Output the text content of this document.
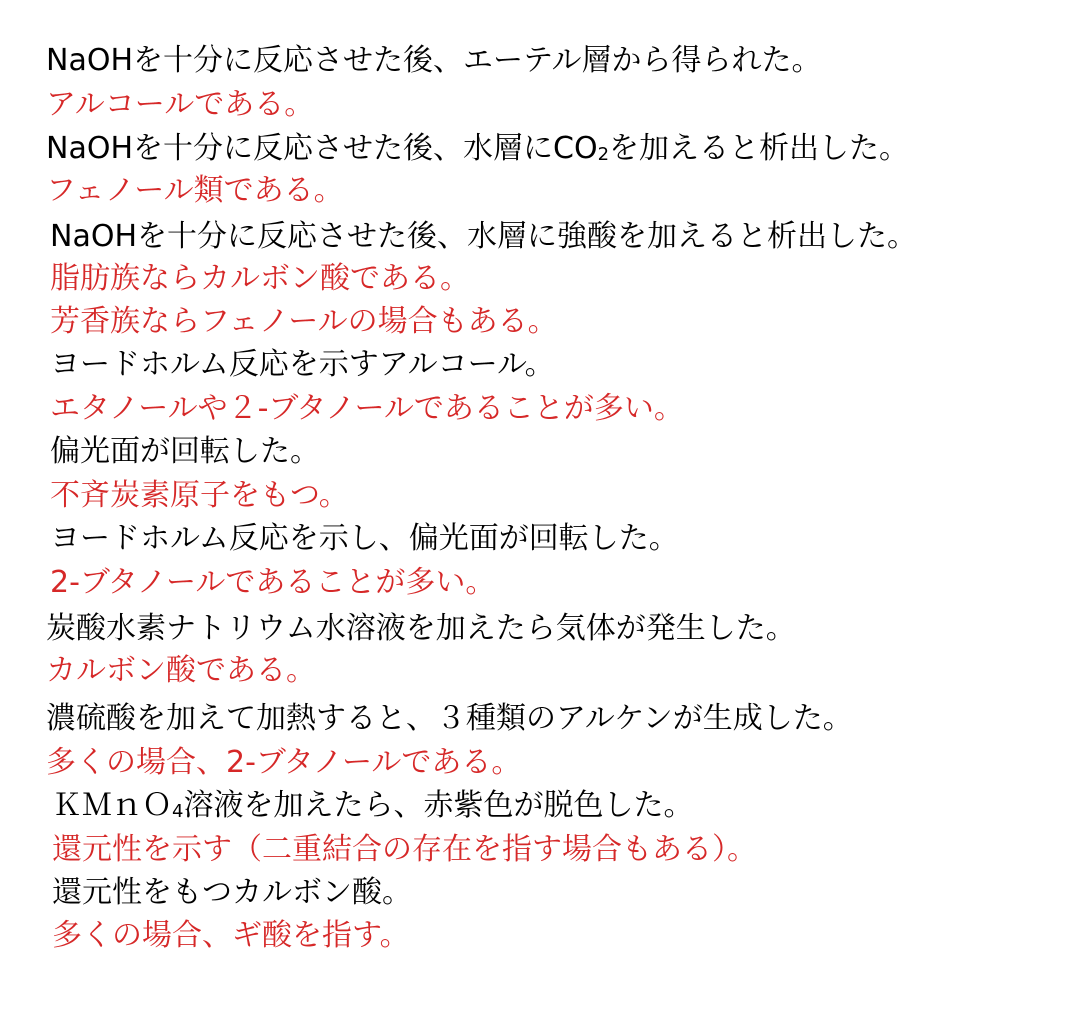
NaOHを十分に反応させた後、エーテル層から得られた。
アルコールである。
NaOHを十分に反応させた後、水層に$CO_2$を加えると析出した。
フェノール類である。
NaOHを十分に反応させた後、水層に強酸を加えると析出した。
脂肪族ならカルボン酸である。
芳香族ならフェノールの場合もある。
ヨードホルム反応を示すアルコール。
エタノールや２-ブタノールであることが多い。
偏光面が回転した。
不斉炭素原子をもつ。
ヨードホルム反応を示し、偏光面が回転した。
2-ブタノールであることが多い。
炭酸水素ナトリウム水溶液を加えたら気体が発生した。
カルボン酸である。
濃硫酸を加えて加熱すると、３種類のアルケンが生成した。
多くの場合、2-ブタノールである。
ＫＭｎＯ$_4$溶液を加えたら、赤紫色が脱色した。
還元性を示す（二重結合の存在を指す場合もある）。
還元性をもつカルボン酸。
多くの場合、ギ酸を指す。
